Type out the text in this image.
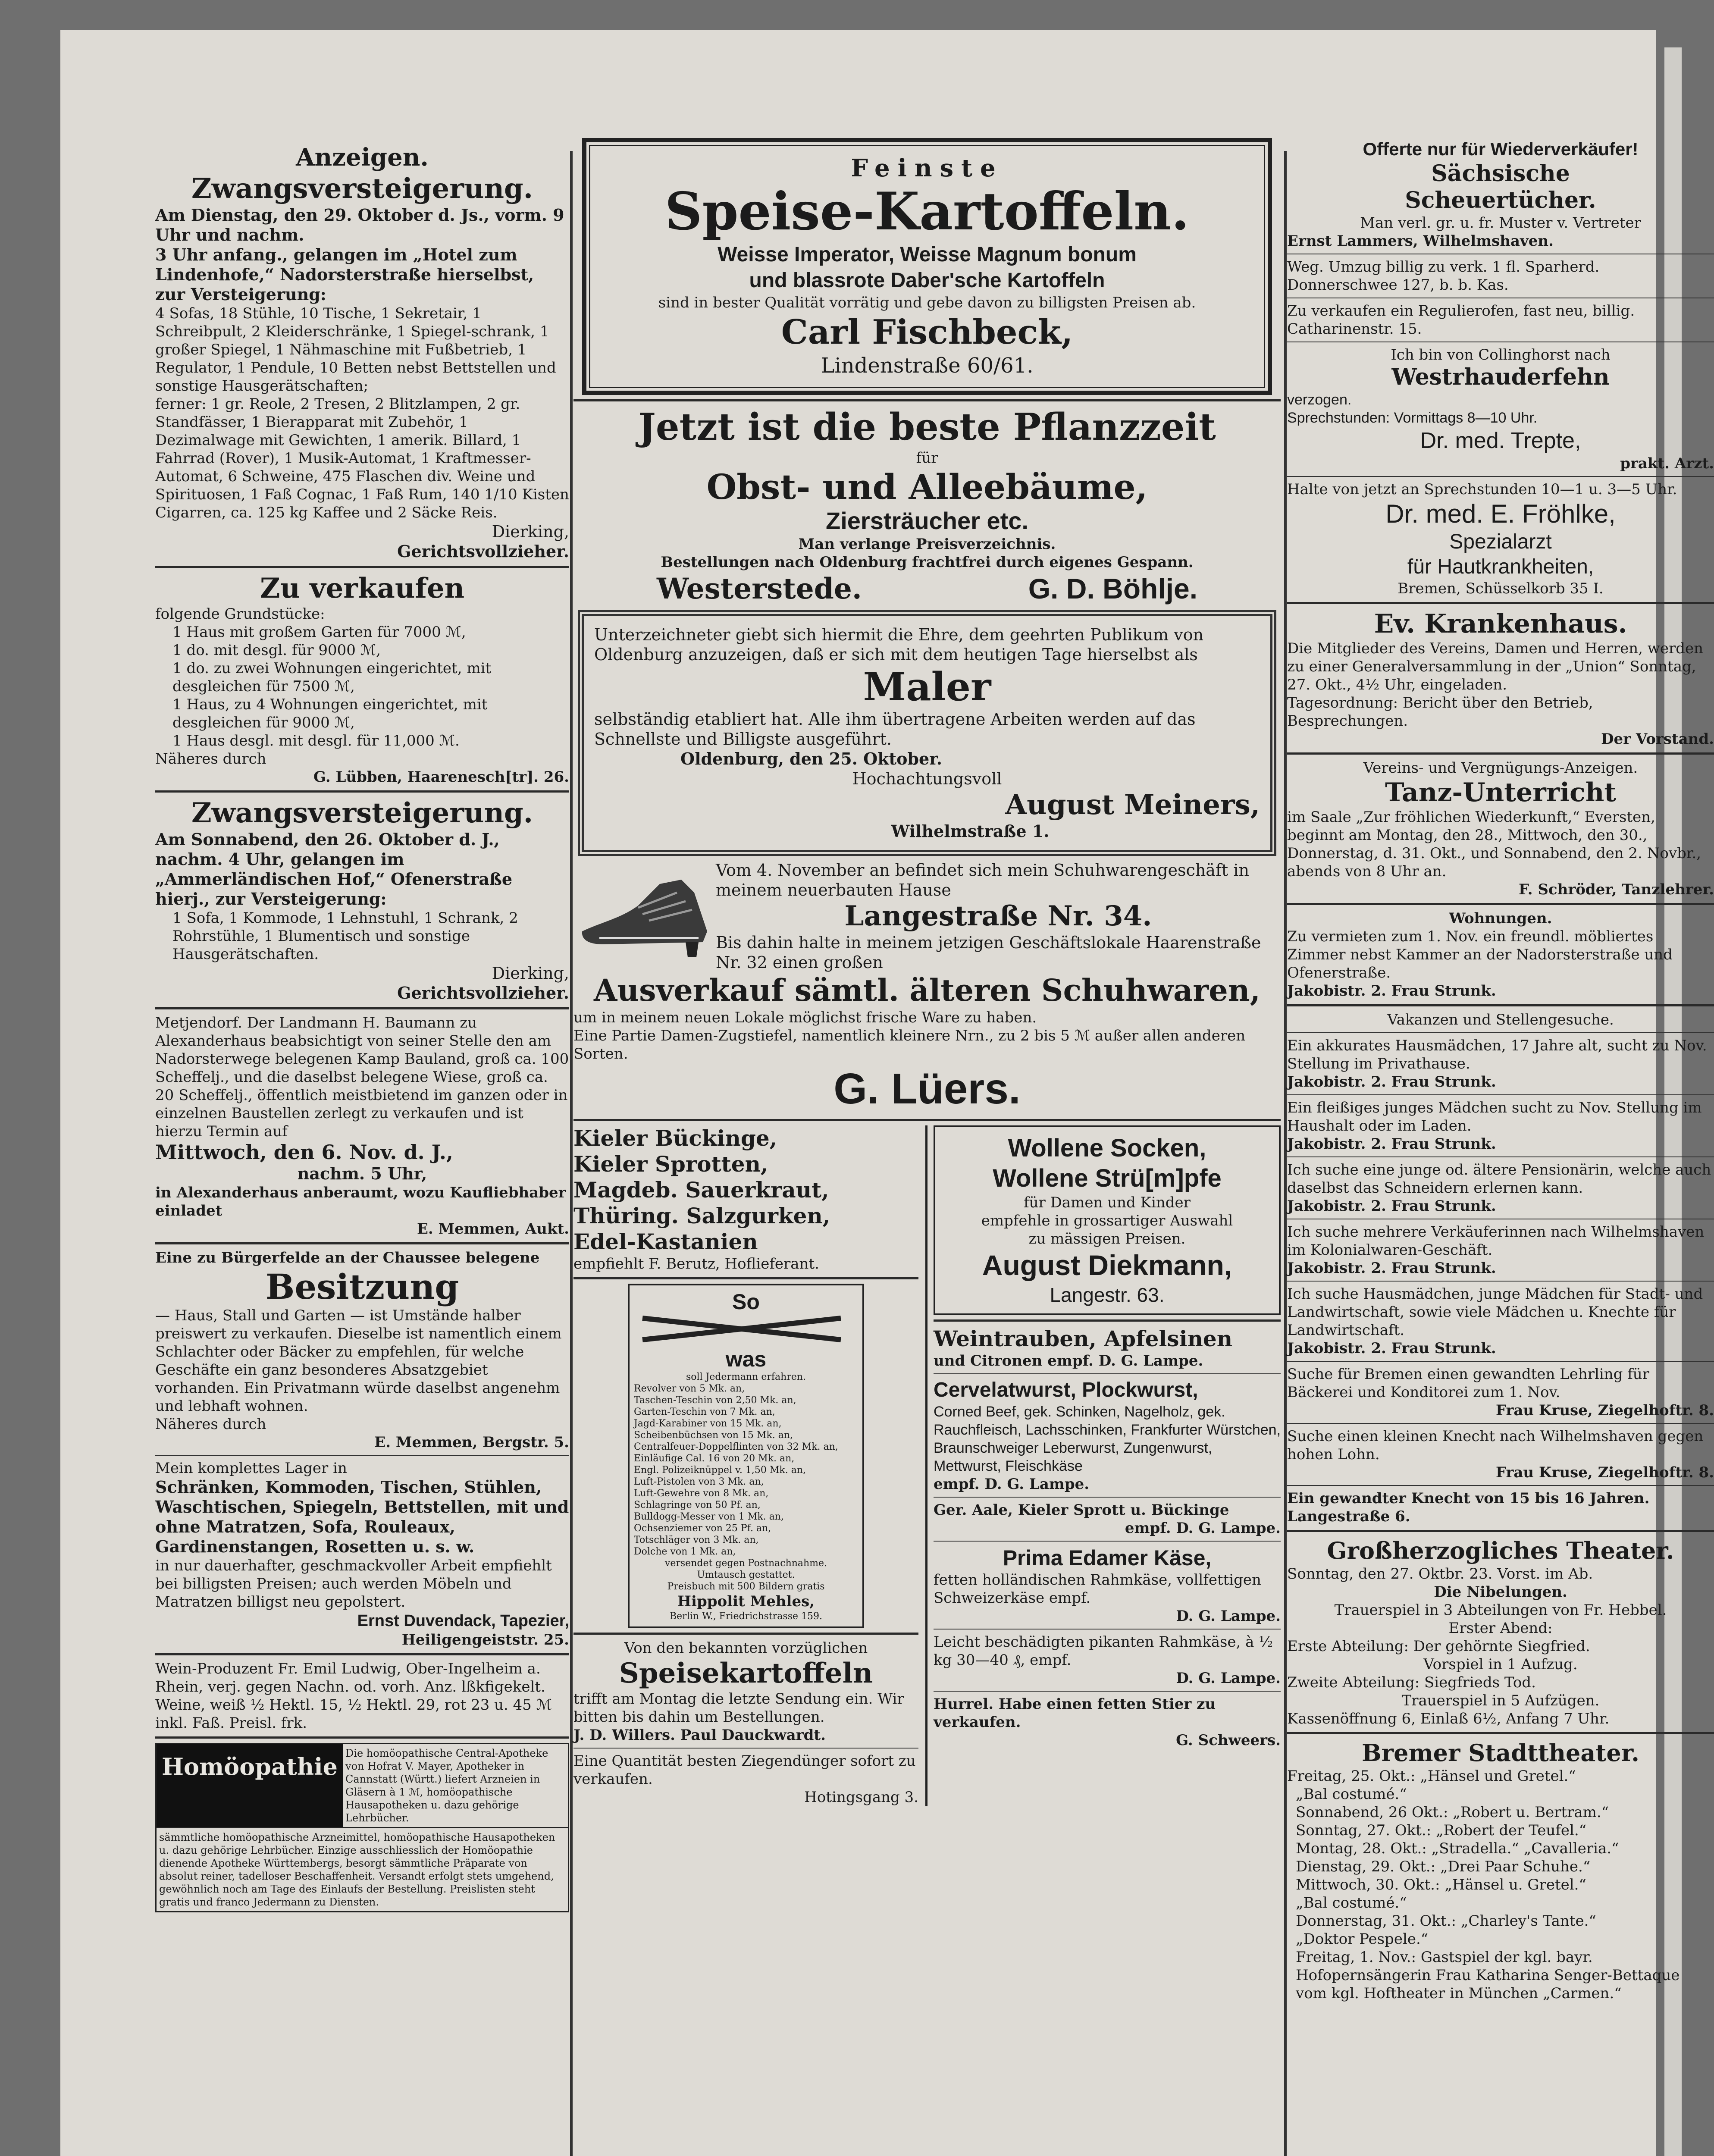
Anzeigen.

Zwangsversteigerung.

Am Dienstag, den 29. Oktober d. Js., vorm. 9 Uhr und nachm.

3 Uhr anfang., gelangen im „Hotel zum Lindenhofe,“ Nadorsterstraße hierselbst, zur Versteigerung:

4 Sofas, 18 Stühle, 10 Tische, 1 Sekretair, 1 Schreibpult, 2 Kleiderschränke, 1 Spiegel-schrank, 1 großer Spiegel, 1 Nähmaschine mit Fußbetrieb, 1 Regulator, 1 Pendule, 10 Betten nebst Bettstellen und sonstige Hausgerätschaften;

ferner: 1 gr. Reole, 2 Tresen, 2 Blitzlampen, 2 gr. Standfässer, 1 Bierapparat mit Zubehör, 1 Dezimalwage mit Gewichten, 1 amerik. Billard, 1 Fahrrad (Rover), 1 Musik-Automat, 1 Kraftmesser-Automat, 6 Schweine, 475 Flaschen div. Weine und Spirituosen, 1 Faß Cognac, 1 Faß Rum, 140 1/10 Kisten Cigarren, ca. 125 kg Kaffee und 2 Säcke Reis.

Dierking,

Gerichtsvollzieher.

Zu verkaufen

folgende Grundstücke:

1 Haus mit großem Garten für 7000 ℳ,

1 do. mit desgl. für 9000 ℳ,

1 do. zu zwei Wohnungen eingerichtet, mit desgleichen für 7500 ℳ,

1 Haus, zu 4 Wohnungen eingerichtet, mit desgleichen für 9000 ℳ,

1 Haus desgl. mit desgl. für 11,000 ℳ.

Näheres durch

G. Lübben, Haarenesch[tr]. 26.

Zwangsversteigerung.

Am Sonnabend, den 26. Oktober d. J., nachm. 4 Uhr, gelangen im „Ammerländischen Hof,“ Ofenerstraße hierj., zur Versteigerung:

1 Sofa, 1 Kommode, 1 Lehnstuhl, 1 Schrank, 2 Rohrstühle, 1 Blumentisch und sonstige Hausgerätschaften.

Dierking,

Gerichtsvollzieher.

Metjendorf. Der Landmann H. Baumann zu Alexanderhaus beabsichtigt von seiner Stelle den am Nadorsterwege belegenen Kamp Bauland, groß ca. 100 Scheffelj., und die daselbst belegene Wiese, groß ca. 20 Scheffelj., öffentlich meistbietend im ganzen oder in einzelnen Baustellen zerlegt zu verkaufen und ist hierzu Termin auf

Mittwoch, den 6. Nov. d. J.,

nachm. 5 Uhr,

in Alexanderhaus anberaumt, wozu Kaufliebhaber einladet

E. Memmen, Aukt.

Eine zu Bürgerfelde an der Chaussee belegene

Besitzung

— Haus, Stall und Garten — ist Umstände halber preiswert zu verkaufen. Dieselbe ist namentlich einem Schlachter oder Bäcker zu empfehlen, für welche Geschäfte ein ganz besonderes Absatzgebiet vorhanden. Ein Privatmann würde daselbst angenehm und lebhaft wohnen.

Näheres durch

E. Memmen, Bergstr. 5.

Mein komplettes Lager in

Schränken, Kommoden, Tischen, Stühlen, Waschtischen, Spiegeln, Bettstellen, mit und ohne Matratzen, Sofa, Rouleaux, Gardinenstangen, Rosetten u. s. w.

in nur dauerhafter, geschmackvoller Arbeit empfiehlt bei billigsten Preisen; auch werden Möbeln und Matratzen billigst neu gepolstert.

Ernst Duvendack, Tapezier,

Heiligengeiststr. 25.

Wein-Produzent Fr. Emil Ludwig, Ober-Ingelheim a. Rhein, verj. gegen Nachn. od. vorh. Anz. lßkfigekelt. Weine, weiß ½ Hektl. 15, ½ Hektl. 29, rot 23 u. 45 ℳ inkl. Faß. Preisl. frk.

Homöopathie Die homöopathische Central-Apotheke von Hofrat V. Mayer, Apotheker in Cannstatt (Württ.) liefert Arzneien in Gläsern à 1 ℳ, homöopathische Hausapotheken u. dazu gehörige Lehrbücher.

sämmtliche homöopathische Arzneimittel, homöopathische Hausapotheken u. dazu gehörige Lehrbücher. Einzige ausschliesslich der Homöopathie dienende Apotheke Württembergs, besorgt sämmtliche Präparate von absolut reiner, tadelloser Beschaffenheit. Versandt erfolgt stets umgehend, gewöhnlich noch am Tage des Einlaufs der Bestellung. Preislisten steht gratis und franco Jedermann zu Diensten.

Feinste

Speise-Kartoffeln.

Weisse Imperator, Weisse Magnum bonum

und blassrote Daber'sche Kartoffeln

sind in bester Qualität vorrätig und gebe davon zu billigsten Preisen ab.

Carl Fischbeck,

Lindenstraße 60/61.

Jetzt ist die beste Pflanzzeit

für

Obst- und Alleebäume,

Ziersträucher etc.

Man verlange Preisverzeichnis.

Bestellungen nach Oldenburg frachtfrei durch eigenes Gespann.

Westerstede.	G. D. Böhlje.

Unterzeichneter giebt sich hiermit die Ehre, dem geehrten Publikum von Oldenburg anzuzeigen, daß er sich mit dem heutigen Tage hierselbst als

Maler

selbständig etabliert hat. Alle ihm übertragene Arbeiten werden auf das Schnellste und Billigste ausgeführt.

Oldenburg, den 25. Oktober.

Hochachtungsvoll

August Meiners,

Wilhelmstraße 1.

Vom 4. November an befindet sich mein Schuhwarengeschäft in meinem neuerbauten Hause

Langestraße Nr. 34.

Bis dahin halte in meinem jetzigen Geschäftslokale Haarenstraße Nr. 32 einen großen

Ausverkauf sämtl. älteren Schuhwaren,

um in meinem neuen Lokale möglichst frische Ware zu haben.

Eine Partie Damen-Zugstiefel, namentlich kleinere Nrn., zu 2 bis 5 ℳ außer allen anderen Sorten.

G. Lüers.

Kieler Bückinge,

Kieler Sprotten,

Magdeb. Sauerkraut,

Thüring. Salzgurken,

Edel-Kastanien

empfiehlt F. Berutz, Hoflieferant.

So

was

soll Jedermann erfahren.

Revolver von 5 Mk. an,

Taschen-Teschin von 2,50 Mk. an,

Garten-Teschin von 7 Mk. an,

Jagd-Karabiner von 15 Mk. an,

Scheibenbüchsen von 15 Mk. an,

Centralfeuer-Doppelflinten von 32 Mk. an,

Einläufige Cal. 16 von 20 Mk. an,

Engl. Polizeiknüppel v. 1,50 Mk. an,

Luft-Pistolen von 3 Mk. an,

Luft-Gewehre von 8 Mk. an,

Schlagringe von 50 Pf. an,

Bulldogg-Messer von 1 Mk. an,

Ochsenziemer von 25 Pf. an,

Totschläger von 3 Mk. an,

Dolche von 1 Mk. an,

versendet gegen Postnachnahme.

Umtausch gestattet.

Preisbuch mit 500 Bildern gratis

Hippolit Mehles,

Berlin W., Friedrichstrasse 159.

Von den bekannten vorzüglichen

Speisekartoffeln

trifft am Montag die letzte Sendung ein. Wir bitten bis dahin um Bestellungen.

J. D. Willers. Paul Dauckwardt.

Eine Quantität besten Ziegendünger sofort zu verkaufen.

Hotingsgang 3.

Wollene Socken,

Wollene Strü[m]pfe

für Damen und Kinder

empfehle in grossartiger Auswahl

zu mässigen Preisen.

August Diekmann,

Langestr. 63.

Weintrauben, Apfelsinen

und Citronen empf. D. G. Lampe.

Cervelatwurst, Plockwurst,

Corned Beef, gek. Schinken, Nagelholz, gek. Rauchfleisch, Lachsschinken, Frankfurter Würstchen, Braunschweiger Leberwurst, Zungenwurst, Mettwurst, Fleischkäse

empf. D. G. Lampe.

Ger. Aale, Kieler Sprott u. Bückinge

empf. D. G. Lampe.

Prima Edamer Käse,

fetten holländischen Rahmkäse, vollfettigen Schweizerkäse empf.

D. G. Lampe.

Leicht beschädigten pikanten Rahmkäse, à ½ kg 30—40 ₰, empf.

D. G. Lampe.

Hurrel. Habe einen fetten Stier zu verkaufen.

G. Schweers.

Offerte nur für Wiederverkäufer!

Sächsische

Scheuertücher.

Man verl. gr. u. fr. Muster v. Vertreter

Ernst Lammers, Wilhelmshaven.

Weg. Umzug billig zu verk. 1 fl. Sparherd. Donnerschwee 127, b. b. Kas.

Zu verkaufen ein Regulierofen, fast neu, billig. Catharinenstr. 15.

Ich bin von Collinghorst nach

Westrhauderfehn

verzogen.

Sprechstunden: Vormittags 8—10 Uhr.

Dr. med. Trepte,

prakt. Arzt.

Halte von jetzt an Sprechstunden 10—1 u. 3—5 Uhr.

Dr. med. E. Fröhlke,

Spezialarzt

für Hautkrankheiten,

Bremen, Schüsselkorb 35 I.

Ev. Krankenhaus.

Die Mitglieder des Vereins, Damen und Herren, werden zu einer Generalversammlung in der „Union“ Sonntag, 27. Okt., 4½ Uhr, eingeladen.

Tagesordnung: Bericht über den Betrieb, Besprechungen.

Der Vorstand.

Vereins- und Vergnügungs-Anzeigen.

Tanz-Unterricht

im Saale „Zur fröhlichen Wiederkunft,“ Eversten, beginnt am Montag, den 28., Mittwoch, den 30., Donnerstag, d. 31. Okt., und Sonnabend, den 2. Novbr., abends von 8 Uhr an.

F. Schröder, Tanzlehrer.

Wohnungen.

Zu vermieten zum 1. Nov. ein freundl. möbliertes Zimmer nebst Kammer an der Nadorsterstraße und Ofenerstraße.

Jakobistr. 2. Frau Strunk.

Vakanzen und Stellengesuche.

Ein akkurates Hausmädchen, 17 Jahre alt, sucht zu Nov. Stellung im Privathause.

Jakobistr. 2. Frau Strunk.

Ein fleißiges junges Mädchen sucht zu Nov. Stellung im Haushalt oder im Laden.

Jakobistr. 2. Frau Strunk.

Ich suche eine junge od. ältere Pensionärin, welche auch daselbst das Schneidern erlernen kann.

Jakobistr. 2. Frau Strunk.

Ich suche mehrere Verkäuferinnen nach Wilhelmshaven im Kolonialwaren-Geschäft.

Jakobistr. 2. Frau Strunk.

Ich suche Hausmädchen, junge Mädchen für Stadt- und Landwirtschaft, sowie viele Mädchen u. Knechte für Landwirtschaft.

Jakobistr. 2. Frau Strunk.

Suche für Bremen einen gewandten Lehrling für Bäckerei und Konditorei zum 1. Nov.

Frau Kruse, Ziegelhoftr. 8.

Suche einen kleinen Knecht nach Wilhelmshaven gegen hohen Lohn.

Frau Kruse, Ziegelhoftr. 8.

Ein gewandter Knecht von 15 bis 16 Jahren. Langestraße 6.

Großherzogliches Theater.

Sonntag, den 27. Oktbr. 23. Vorst. im Ab.

Die Nibelungen.

Trauerspiel in 3 Abteilungen von Fr. Hebbel.

Erster Abend:

Erste Abteilung: Der gehörnte Siegfried.

Vorspiel in 1 Aufzug.

Zweite Abteilung: Siegfrieds Tod.

Trauerspiel in 5 Aufzügen.

Kassenöffnung 6, Einlaß 6½, Anfang 7 Uhr.

Bremer Stadttheater.

Freitag, 25. Okt.: „Hänsel und Gretel.“

„Bal costumé.“

Sonnabend, 26 Okt.: „Robert u. Bertram.“

Sonntag, 27. Okt.: „Robert der Teufel.“

Montag, 28. Okt.: „Stradella.“ „Cavalleria.“

Dienstag, 29. Okt.: „Drei Paar Schuhe.“

Mittwoch, 30. Okt.: „Hänsel u. Gretel.“

„Bal costumé.“

Donnerstag, 31. Okt.: „Charley's Tante.“

„Doktor Pespele.“

Freitag, 1. Nov.: Gastspiel der kgl. bayr. Hofopernsängerin Frau Katharina Senger-Bettaque vom kgl. Hoftheater in München „Carmen.“
